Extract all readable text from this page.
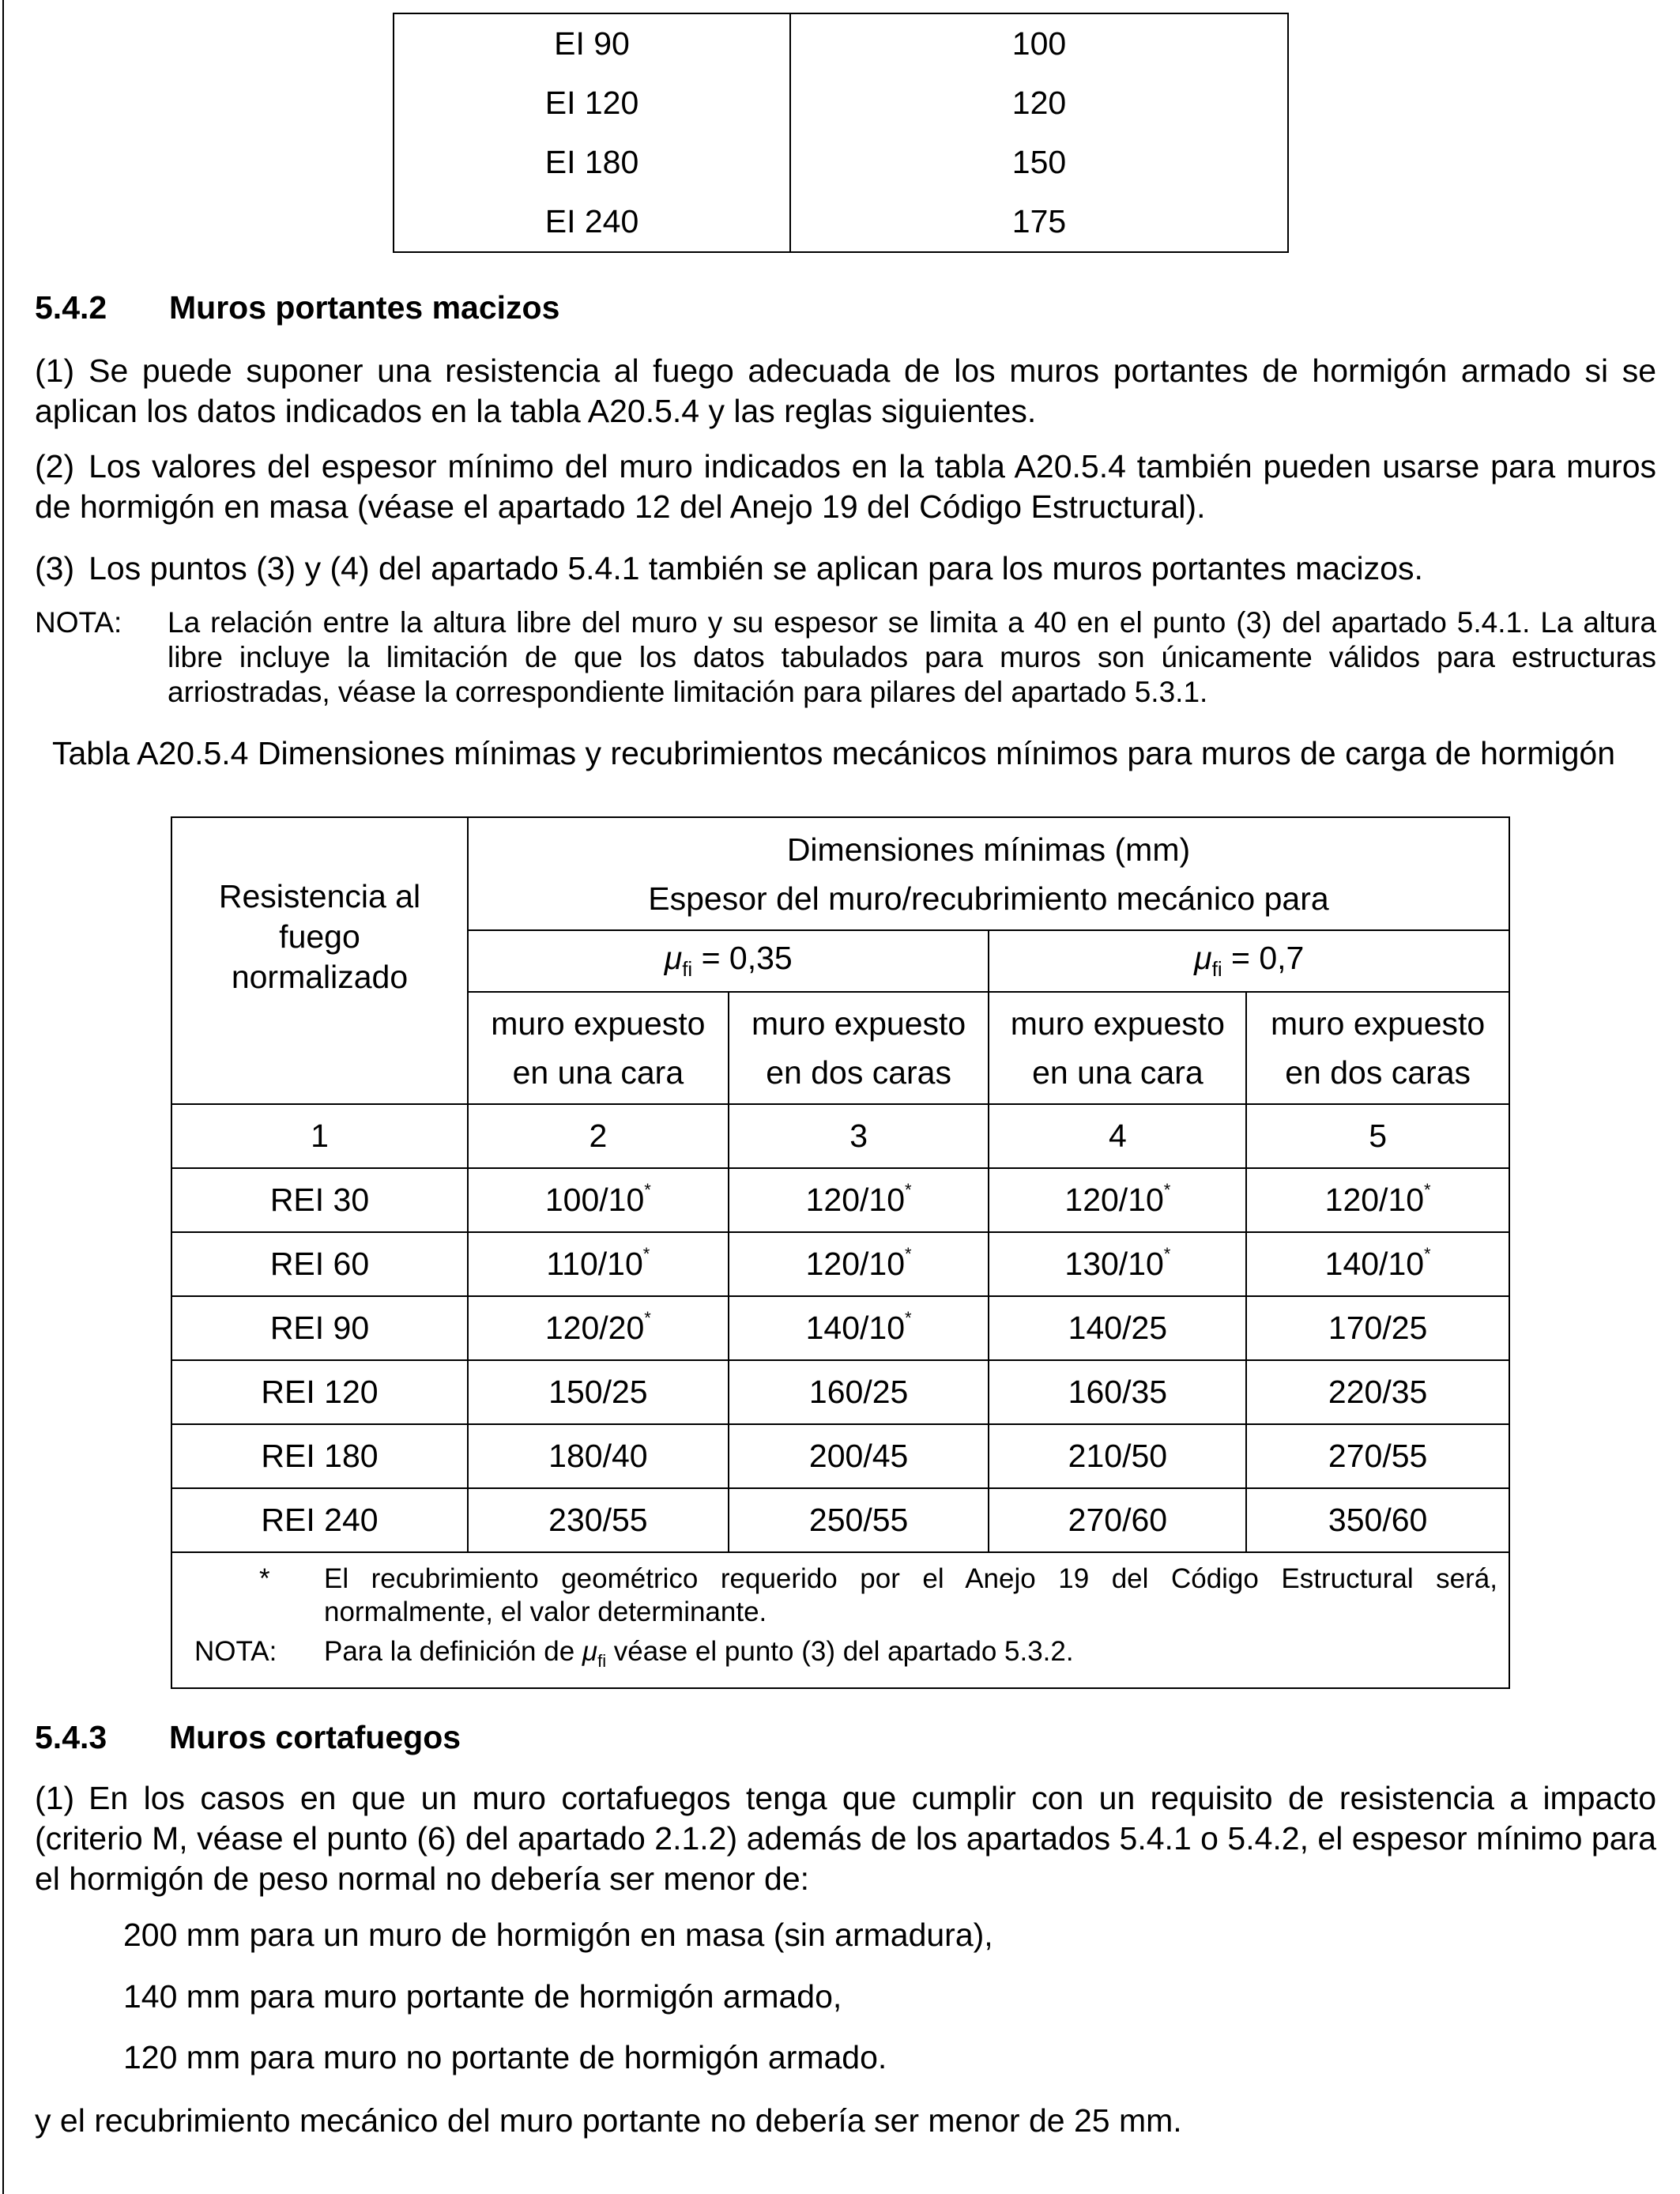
EI 90	100
EI 120	120
EI 180	150
EI 240	175
5.4.2 Muros portantes macizos
(1) Se puede suponer una resistencia al fuego adecuada de los muros portantes de hormigón armado si se aplican los datos indicados en la tabla A20.5.4 y las reglas siguientes.
(2) Los valores del espesor mínimo del muro indicados en la tabla A20.5.4 también pueden usarse para muros de hormigón en masa (véase el apartado 12 del Anejo 19 del Código Estructural).
(3) Los puntos (3) y (4) del apartado 5.4.1 también se aplican para los muros portantes macizos.
NOTA: La relación entre la altura libre del muro y su espesor se limita a 40 en el punto (3) del apartado 5.4.1. La altura libre incluye la limitación de que los datos tabulados para muros son únicamente válidos para estructuras arriostradas, véase la correspondiente limitación para pilares del apartado 5.3.1.
Tabla A20.5.4 Dimensiones mínimas y recubrimientos mecánicos mínimos para muros de carga de hormigón
Resistencia al fuego normalizado	Dimensiones mínimas (mm)
Espesor del muro/recubrimiento mecánico para			

	$\mu_{fi} = 0,35$		$\mu_{fi} = 0,7$	
	muro expuesto en una cara	muro expuesto en dos caras	muro expuesto en una cara	muro expuesto en dos caras
1	2	3	4	5
REI 30	100/10*	120/10*	120/10*	120/10*
REI 60	110/10*	120/10*	130/10*	140/10*
REI 90	120/20*	140/10*	140/25	170/25
REI 120	150/25	160/25	160/35	220/35
REI 180	180/40	200/45	210/50	270/55
REI 240	230/55	250/55	270/60	350/60

* El recubrimiento geométrico requerido por el Anejo 19 del Código Estructural será, normalmente, el valor determinante.
NOTA: Para la definición de $\mu_{fi}$ véase el punto (3) del apartado 5.3.2.				
5.4.3 Muros cortafuegos
(1) En los casos en que un muro cortafuegos tenga que cumplir con un requisito de resistencia a impacto (criterio M, véase el punto (6) del apartado 2.1.2) además de los apartados 5.4.1 o 5.4.2, el espesor mínimo para el hormigón de peso normal no debería ser menor de:
200 mm para un muro de hormigón en masa (sin armadura),
140 mm para muro portante de hormigón armado,
120 mm para muro no portante de hormigón armado.
y el recubrimiento mecánico del muro portante no debería ser menor de 25 mm.
